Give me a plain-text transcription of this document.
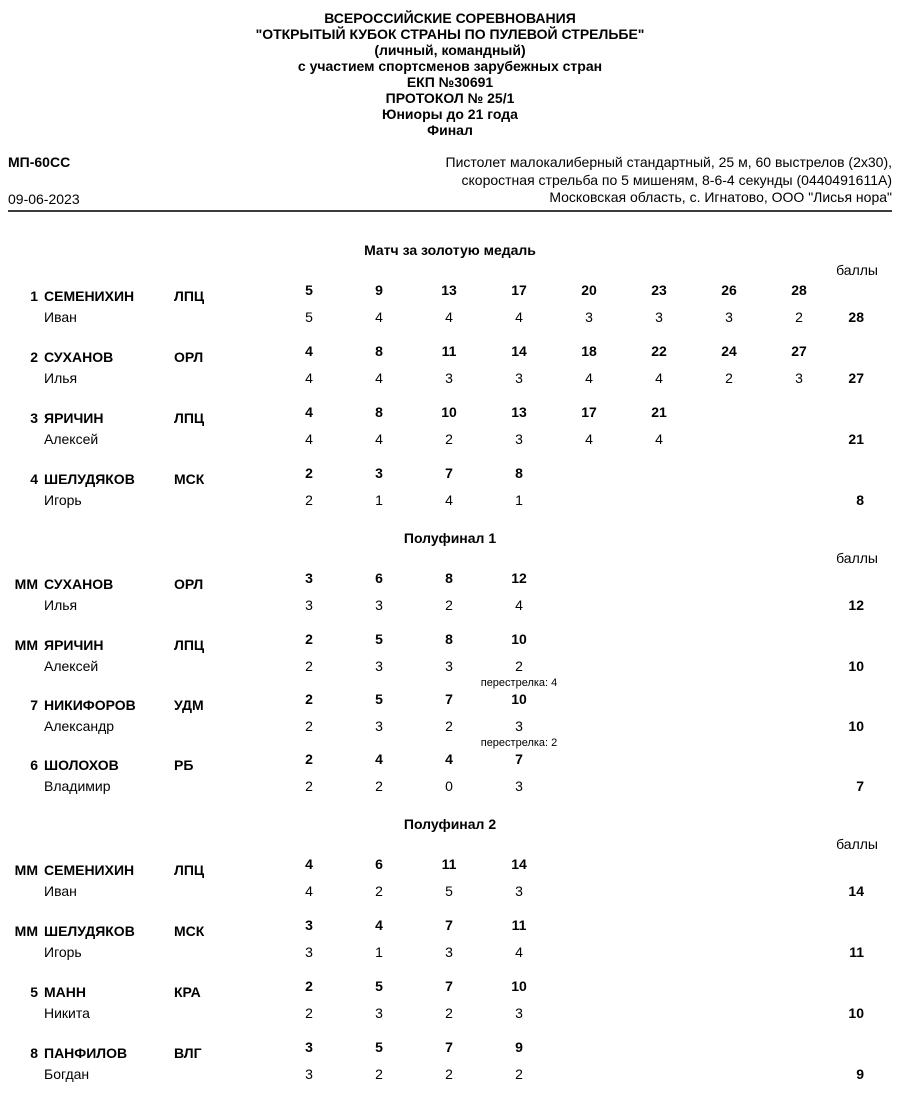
ВСЕРОССИЙСКИЕ СОРЕВНОВАНИЯ
"ОТКРЫТЫЙ КУБОК СТРАНЫ ПО ПУЛЕВОЙ СТРЕЛЬБЕ"
(личный, командный)
с участием спортсменов зарубежных стран
ЕКП №30691
ПРОТОКОЛ № 25/1
Юниоры до 21 года
Финал
МП-60СС
09-06-2023
Пистолет малокалиберный стандартный, 25 м, 60 выстрелов (2x30),
скоростная стрельба по 5 мишеням, 8-6-4 секунды (0440491611А)
Московская область, с. Игнатово, ООО "Лисья нора"
Матч за золотую медаль
баллы
1 СЕМЕНИХИН	ЛПЦ	5	9	13	17	20	23	26	28
Иван	5	4	4	4	3	3	3	2	28
2 СУХАНОВ	ОРЛ	4	8	11	14	18	22	24	27
Илья	4	4	3	3	4	4	2	3	27
3 ЯРИЧИН	ЛПЦ	4	8	10	13	17	21
Алексей	4	4	2	3	4	4	21
4 ШЕЛУДЯКОВ	МСК	2	3	7	8
Игорь	2	1	4	1	8
Полуфинал 1
баллы
ММ СУХАНОВ	ОРЛ	3	6	8	12
Илья	3	3	2	4	12
ММ ЯРИЧИН	ЛПЦ	2	5	8	10
Алексей	2	3	3	2	10
перестрелка: 4
7 НИКИФОРОВ	УДМ	2	5	7	10
Александр	2	3	2	3	10
перестрелка: 2
6 ШОЛОХОВ	РБ	2	4	4	7
Владимир	2	2	0	3	7
Полуфинал 2
баллы
ММ СЕМЕНИХИН	ЛПЦ	4	6	11	14
Иван	4	2	5	3	14
ММ ШЕЛУДЯКОВ	МСК	3	4	7	11
Игорь	3	1	3	4	11
5 МАНН	КРА	2	5	7	10
Никита	2	3	2	3	10
8 ПАНФИЛОВ	ВЛГ	3	5	7	9
Богдан	3	2	2	2	9
